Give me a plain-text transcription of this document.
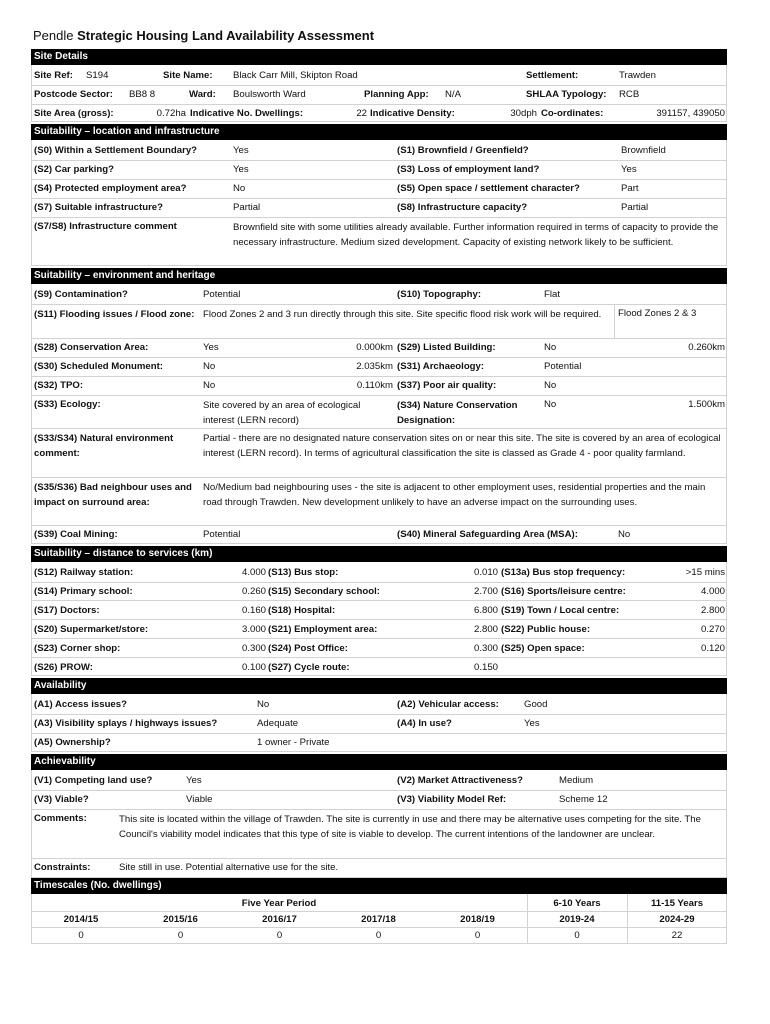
Pendle Strategic Housing Land Availability Assessment
Site Details
Site Ref: S194	Site Name: Black Carr Mill, Skipton Road	Settlement:	Trawden
Postcode Sector: BB8 8	Ward: Boulsworth Ward	Planning App: N/A	SHLAA Typology: RCB
Site Area (gross):	0.72ha Indicative No. Dwellings:	22 Indicative Density:	30dph Co-ordinates:	391157, 439050
Suitability – location and infrastructure
(S0) Within a Settlement Boundary?	Yes	(S1) Brownfield / Greenfield?	Brownfield
(S2) Car parking?	Yes	(S3) Loss of employment land?	Yes
(S4) Protected employment area?	No	(S5) Open space / settlement character?	Part
(S7) Suitable infrastructure?	Partial	(S8) Infrastructure capacity?	Partial
(S7/S8) Infrastructure comment	Brownfield site with some utilities already available. Further information required in terms of capacity to provide the necessary infrastructure. Medium sized development. Capacity of existing network likely to be sufficient.
Suitability – environment and heritage
(S9) Contamination?	Potential	(S10) Topography:	Flat
(S11) Flooding issues / Flood zone: Flood Zones 2 and 3 run directly through this site. Site specific flood risk work will be required.	Flood Zones 2 & 3
(S28) Conservation Area:	Yes	0.000km (S29) Listed Building:	No	0.260km
(S30) Scheduled Monument:	No	2.035km (S31) Archaeology:	Potential
(S32) TPO:	No	0.110km (S37) Poor air quality:	No
(S33) Ecology:	Site covered by an area of ecological interest (LERN record)
(S34) Nature Conservation Designation:
No	1.500km
(S33/S34) Natural environment comment:
Partial - there are no designated nature conservation sites on or near this site. The site is covered by an area of ecological interest (LERN record). In terms of agricultural classification the site is classed as Grade 4 - poor quality farmland.
(S35/S36) Bad neighbour uses and impact on surround area:
No/Medium bad neighbouring uses - the site is adjacent to other employment uses, residential properties and the main road through Trawden. New development unlikely to have an adverse impact on the surrounding uses.
(S39) Coal Mining:	Potential	(S40) Mineral Safeguarding Area (MSA):	No
Suitability – distance to services (km)
(S12) Railway station:	4.000 (S13) Bus stop:	0.010 (S13a) Bus stop frequency:	>15 mins
(S14) Primary school:	0.260 (S15) Secondary school:	2.700 (S16) Sports/leisure centre:	4.000
(S17) Doctors:	0.160 (S18) Hospital:	6.800 (S19) Town / Local centre:	2.800
(S20) Supermarket/store:	3.000 (S21) Employment area:	2.800 (S22) Public house:	0.270
(S23) Corner shop:	0.300 (S24) Post Office:	0.300 (S25) Open space:	0.120
(S26) PROW:	0.100 (S27) Cycle route:	0.150
Availability
(A1) Access issues?	No	(A2) Vehicular access:	Good
(A3) Visibility splays / highways issues?	Adequate	(A4) In use?	Yes
(A5) Ownership?	1 owner - Private
Achievability
(V1) Competing land use?	Yes	(V2) Market Attractiveness?	Medium
(V3) Viable?	Viable	(V3) Viability Model Ref:	Scheme 12
Comments:	This site is located within the village of Trawden. The site is currently in use and there may be alternative uses competing for the site. The Council's viability model indicates that this type of site is viable to develop. The current intentions of the landowner are unclear.
Constraints:	Site still in use. Potential alternative use for the site.
Timescales (No. dwellings)
Five Year Period	6-10 Years	11-15 Years
2014/15	2015/16	2016/17	2017/18	2018/19	2019-24	2024-29
0	0	0	0	0	0	22
